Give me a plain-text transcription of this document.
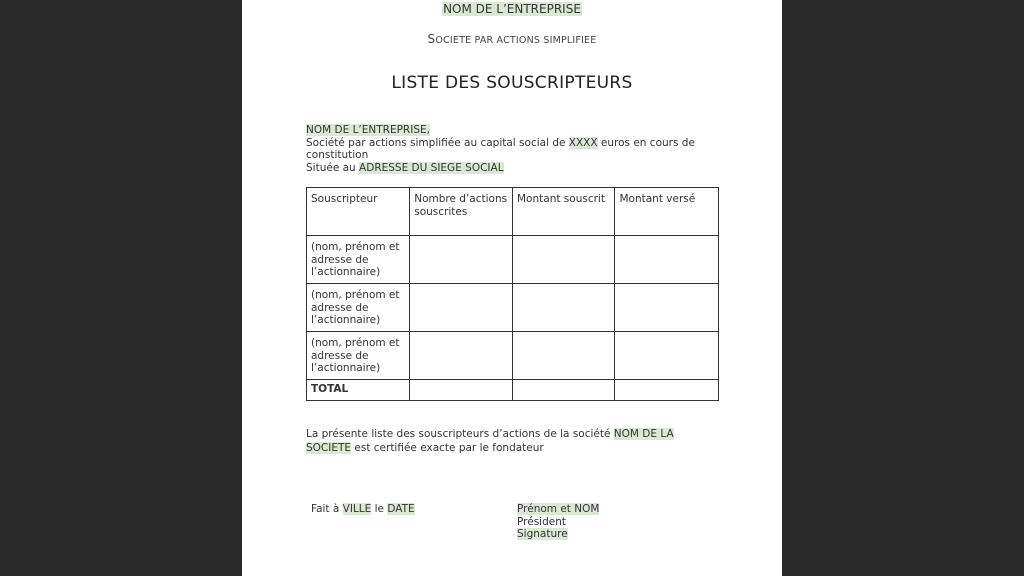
NOM DE L’ENTREPRISE
SOCIETE PAR ACTIONS SIMPLIFIEE
LISTE DES SOUSCRIPTEURS
NOM DE L’ENTREPRISE,
Société par actions simplifiée au capital social de XXXX euros en cours de constitution
Située au ADRESSE DU SIEGE SOCIAL
Souscripteur	Nombre d’actions souscrites	Montant souscrit	Montant versé
(nom, prénom et adresse de l’actionnaire)			
(nom, prénom et adresse de l’actionnaire)			
(nom, prénom et adresse de l’actionnaire)			
TOTAL			
La présente liste des souscripteurs d’actions de la société NOM DE LA SOCIETE est certifiée exacte par le fondateur
Fait à VILLE le DATE	Prénom et NOM
Président
Signature
